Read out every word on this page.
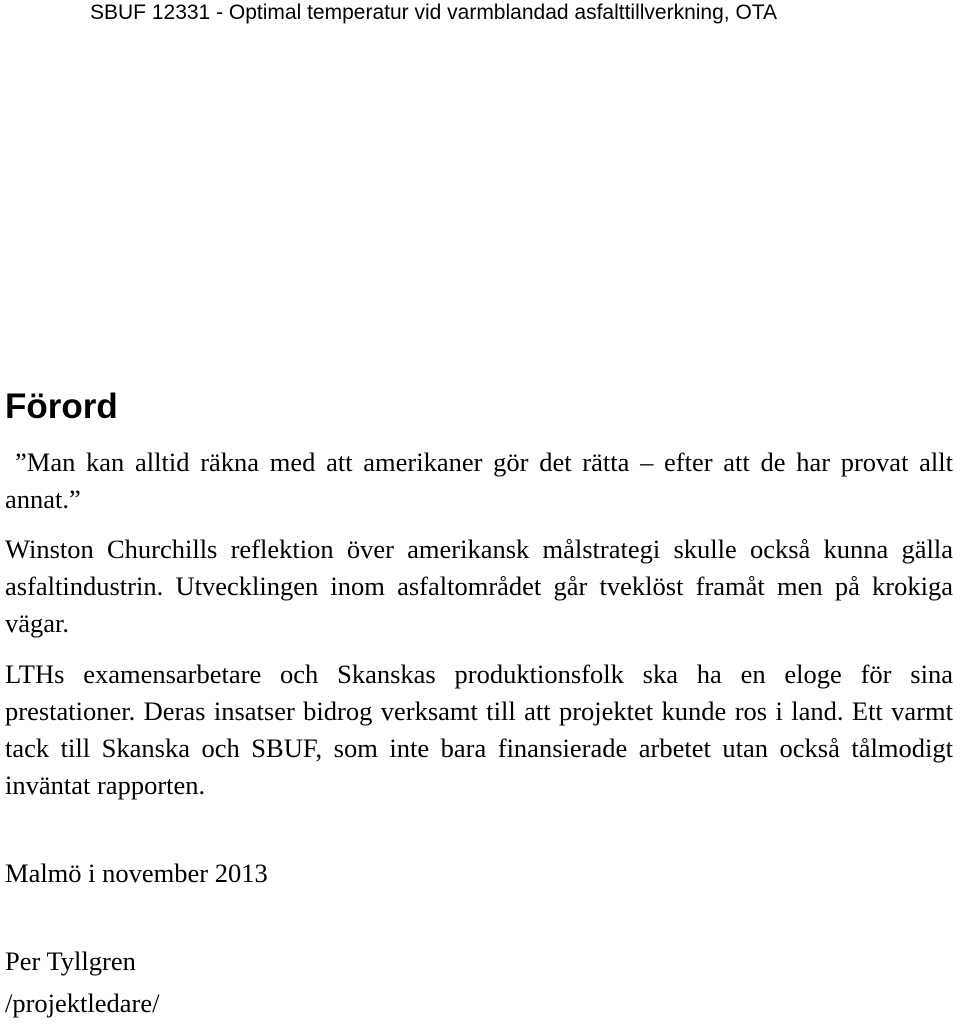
SBUF 12331 - Optimal temperatur vid varmblandad asfalttillverkning, OTA
Förord

”Man kan alltid räkna med att amerikaner gör det rätta – efter att de har provat allt annat.”

Winston Churchills reflektion över amerikansk målstrategi skulle också kunna gälla asfaltindustrin. Utvecklingen inom asfaltområdet går tveklöst framåt men på krokiga vägar.

LTHs examensarbetare och Skanskas produktionsfolk ska ha en eloge för sina prestationer. Deras insatser bidrog verksamt till att projektet kunde ros i land. Ett varmt tack till Skanska och SBUF, som inte bara finansierade arbetet utan också tålmodigt inväntat rapporten.

Malmö i november 2013

Per Tyllgren

/projektledare/
